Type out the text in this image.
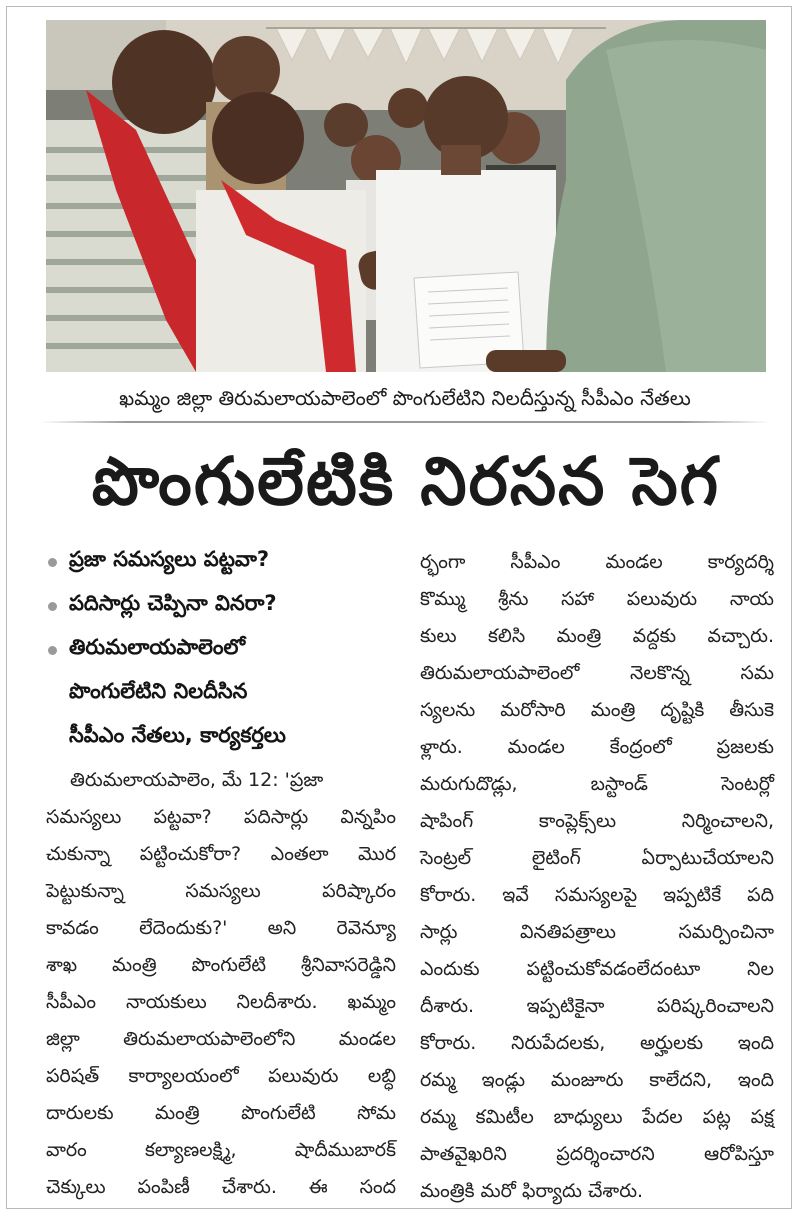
ఖమ్మం జిల్లా తిరుమలాయపాలెంలో పొంగులేటిని నిలదీస్తున్న సీపీఎం నేతలు
పొంగులేటికి నిరసన సెగ
ప్రజా సమస్యలు పట్టవా?
పదిసార్లు చెప్పినా వినరా?
తిరుమలాయపాలెంలో
పొంగులేటిని నిలదీసిన
సీపీఎం నేతలు, కార్యకర్తలు
తిరుమలాయపాలెం, మే 12: 'ప్రజా
సమస్యలు పట్టవా? పదిసార్లు విన్నపిం
చుకున్నా పట్టించుకోరా? ఎంతలా మొర
పెట్టుకున్నా సమస్యలు పరిష్కారం
కావడం లేదెందుకు?' అని రెవెన్యూ
శాఖ మంత్రి పొంగులేటి శ్రీనివాసరెడ్డిని
సీపీఎం నాయకులు నిలదీశారు. ఖమ్మం
జిల్లా తిరుమలాయపాలెంలోని మండల
పరిషత్ కార్యాలయంలో పలువురు లబ్ధి
దారులకు మంత్రి పొంగులేటి సోమ
వారం కల్యాణలక్ష్మి, షాదీముబారక్
చెక్కులు పంపిణీ చేశారు. ఈ సంద
ర్భంగా సీపీఎం మండల కార్యదర్శి
కొమ్ము శ్రీను సహా పలువురు నాయ
కులు కలిసి మంత్రి వద్దకు వచ్చారు.
తిరుమలాయపాలెంలో నెలకొన్న సమ
స్యలను మరోసారి మంత్రి దృష్టికి తీసుకె
ళ్లారు. మండల కేంద్రంలో ప్రజలకు
మరుగుదొడ్లు, బస్టాండ్ సెంటర్లో
షాపింగ్ కాంప్లెక్స్‌లు నిర్మించాలని,
సెంట్రల్ లైటింగ్ ఏర్పాటుచేయాలని
కోరారు. ఇవే సమస్యలపై ఇప్పటికే పది
సార్లు వినతిపత్రాలు సమర్పించినా
ఎందుకు పట్టించుకోవడంలేదంటూ నిల
దీశారు. ఇప్పటికైనా పరిష్కరించాలని
కోరారు. నిరుపేదలకు, అర్హులకు ఇంది
రమ్మ ఇండ్లు మంజూరు కాలేదని, ఇంది
రమ్మ కమిటీల బాధ్యులు పేదల పట్ల పక్ష
పాతవైఖరిని ప్రదర్శించారని ఆరోపిస్తూ
మంత్రికి మరో ఫిర్యాదు చేశారు.
